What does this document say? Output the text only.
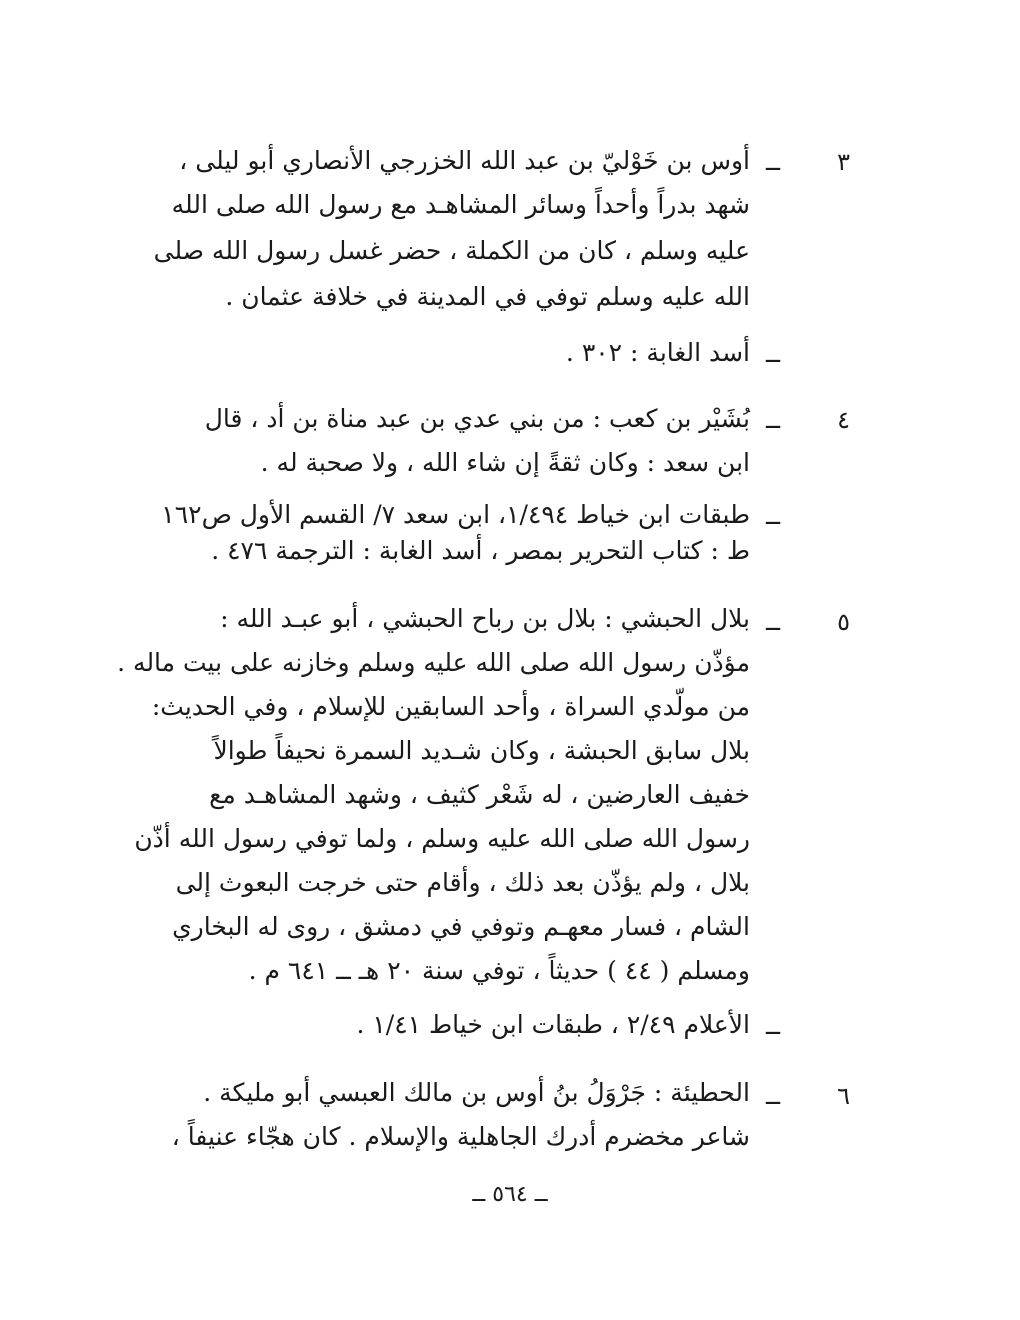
٣
ــ
أوس بن خَوْليّ بن عبد الله الخزرجي الأنصاري أبو ليلى ،
شهد بدراً وأحداً وسائر المشاهـد مع رسول الله صلى الله
عليه وسلم ، كان من الكملة ، حضر غسل رسول الله صلى
الله عليه وسلم توفي في المدينة في خلافة عثمان .
ــ
أسد الغابة : ٣٠٢ .
٤
ــ
بُشَيْر بن كعب : من بني عدي بن عبد مناة بن أد ، قال
ابن سعد : وكان ثقةً إن شاء الله ، ولا صحبة له .
ــ
طبقات ابن خياط ١/٤٩٤، ابن سعد ٧/ القسم الأول ص١٦٢
ط : كتاب التحرير بمصر ، أسد الغابة : الترجمة ٤٧٦ .
٥
ــ
بلال الحبشي : بلال بن رباح الحبشي ، أبو عبـد الله :
مؤذّن رسول الله صلى الله عليه وسلم وخازنه على بيت ماله .
من مولّدي السراة ، وأحد السابقين للإسلام ، وفي الحديث:
بلال سابق الحبشة ، وكان شـديد السمرة نحيفاً طوالاً
خفيف العارضين ، له شَعْر كثيف ، وشهد المشاهـد مع
رسول الله صلى الله عليه وسلم ، ولما توفي رسول الله أذّن
بلال ، ولم يؤذّن بعد ذلك ، وأقام حتى خرجت البعوث إلى
الشام ، فسار معهـم وتوفي في دمشق ، روى له البخاري
ومسلم ( ٤٤ ) حديثاً ، توفي سنة ٢٠ هـ ــ ٦٤١ م .
ــ
الأعلام ٢/٤٩ ، طبقات ابن خياط ١/٤١ .
٦
ــ
الحطيئة : جَرْوَلُ بنُ أوس بن مالك العبسي أبو مليكة .
شاعر مخضرم أدرك الجاهلية والإسلام . كان هجّاء عنيفاً ،
ــ ٥٦٤ ــ
